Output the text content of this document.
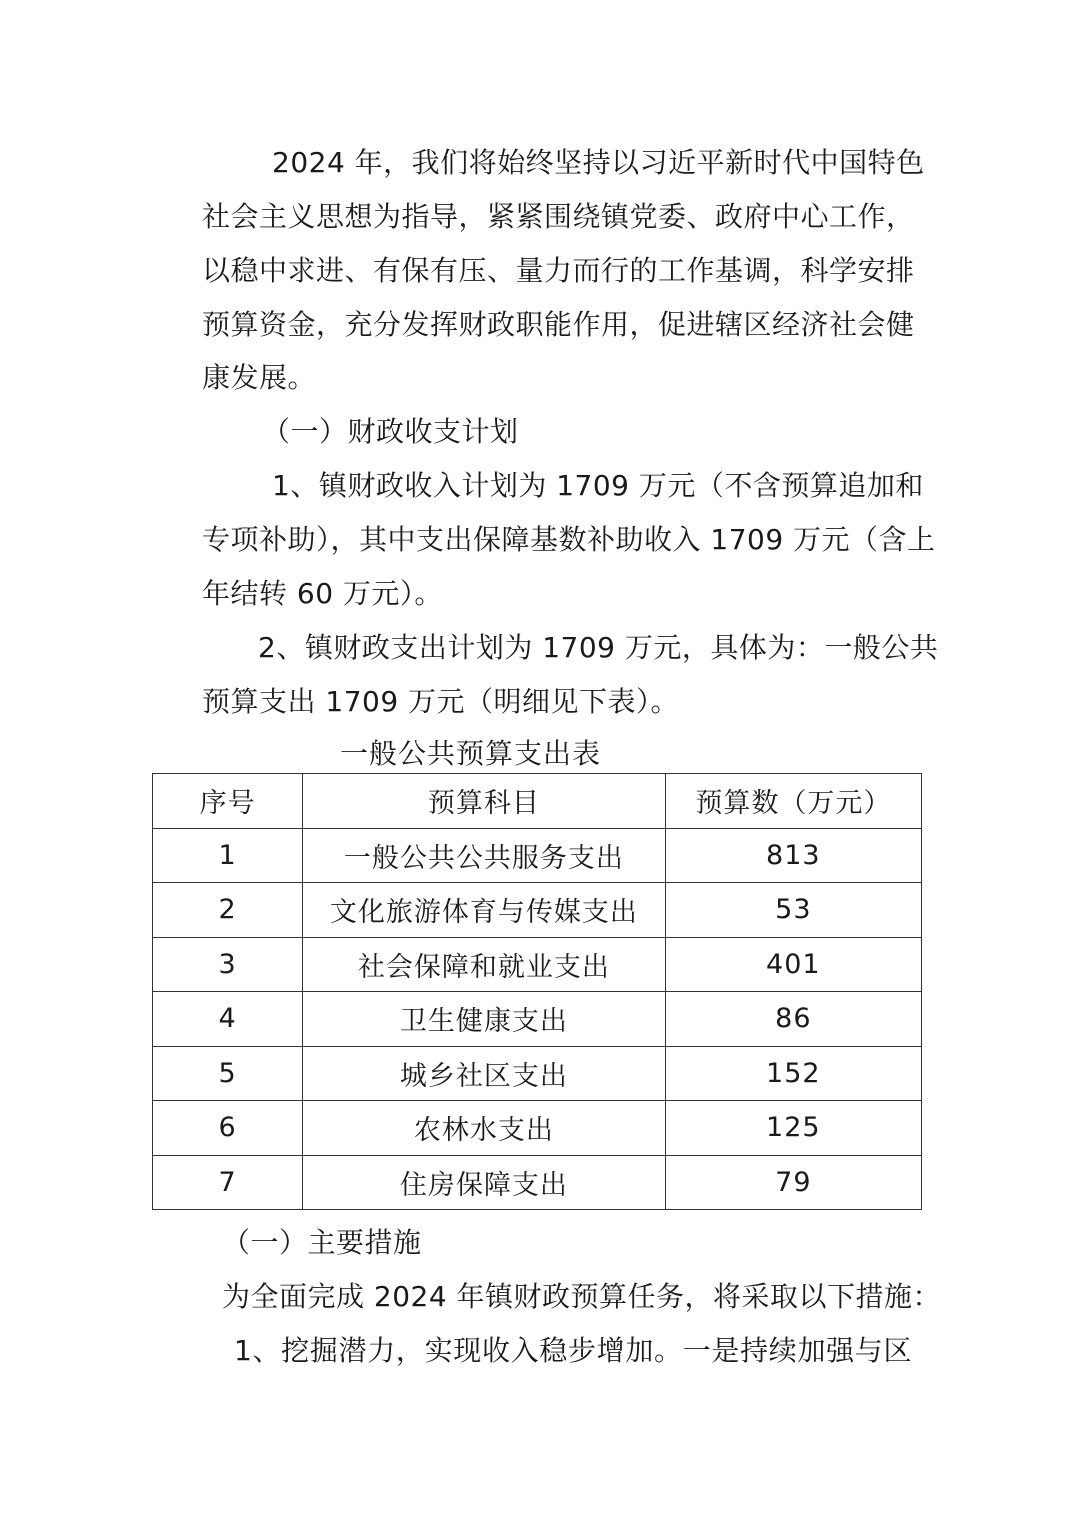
2024 年，我们将始终坚持以习近平新时代中国特色
社会主义思想为指导，紧紧围绕镇党委、政府中心工作，
以稳中求进、有保有压、量力而行的工作基调，科学安排
预算资金，充分发挥财政职能作用，促进辖区经济社会健
康发展。
（一）财政收支计划
1、镇财政收入计划为 1709 万元（不含预算追加和
专项补助），其中支出保障基数补助收入 1709 万元（含上
年结转 60 万元）。
2、镇财政支出计划为 1709 万元，具体为：一般公共
预算支出 1709 万元（明细见下表）。
一般公共预算支出表
序号	预算科目	预算数（万元）
1	一般公共公共服务支出	813
2	文化旅游体育与传媒支出	53
3	社会保障和就业支出	401
4	卫生健康支出	86
5	城乡社区支出	152
6	农林水支出	125
7	住房保障支出	79
（一）主要措施
为全面完成 2024 年镇财政预算任务，将采取以下措施：
1、挖掘潜力，实现收入稳步增加。一是持续加强与区
